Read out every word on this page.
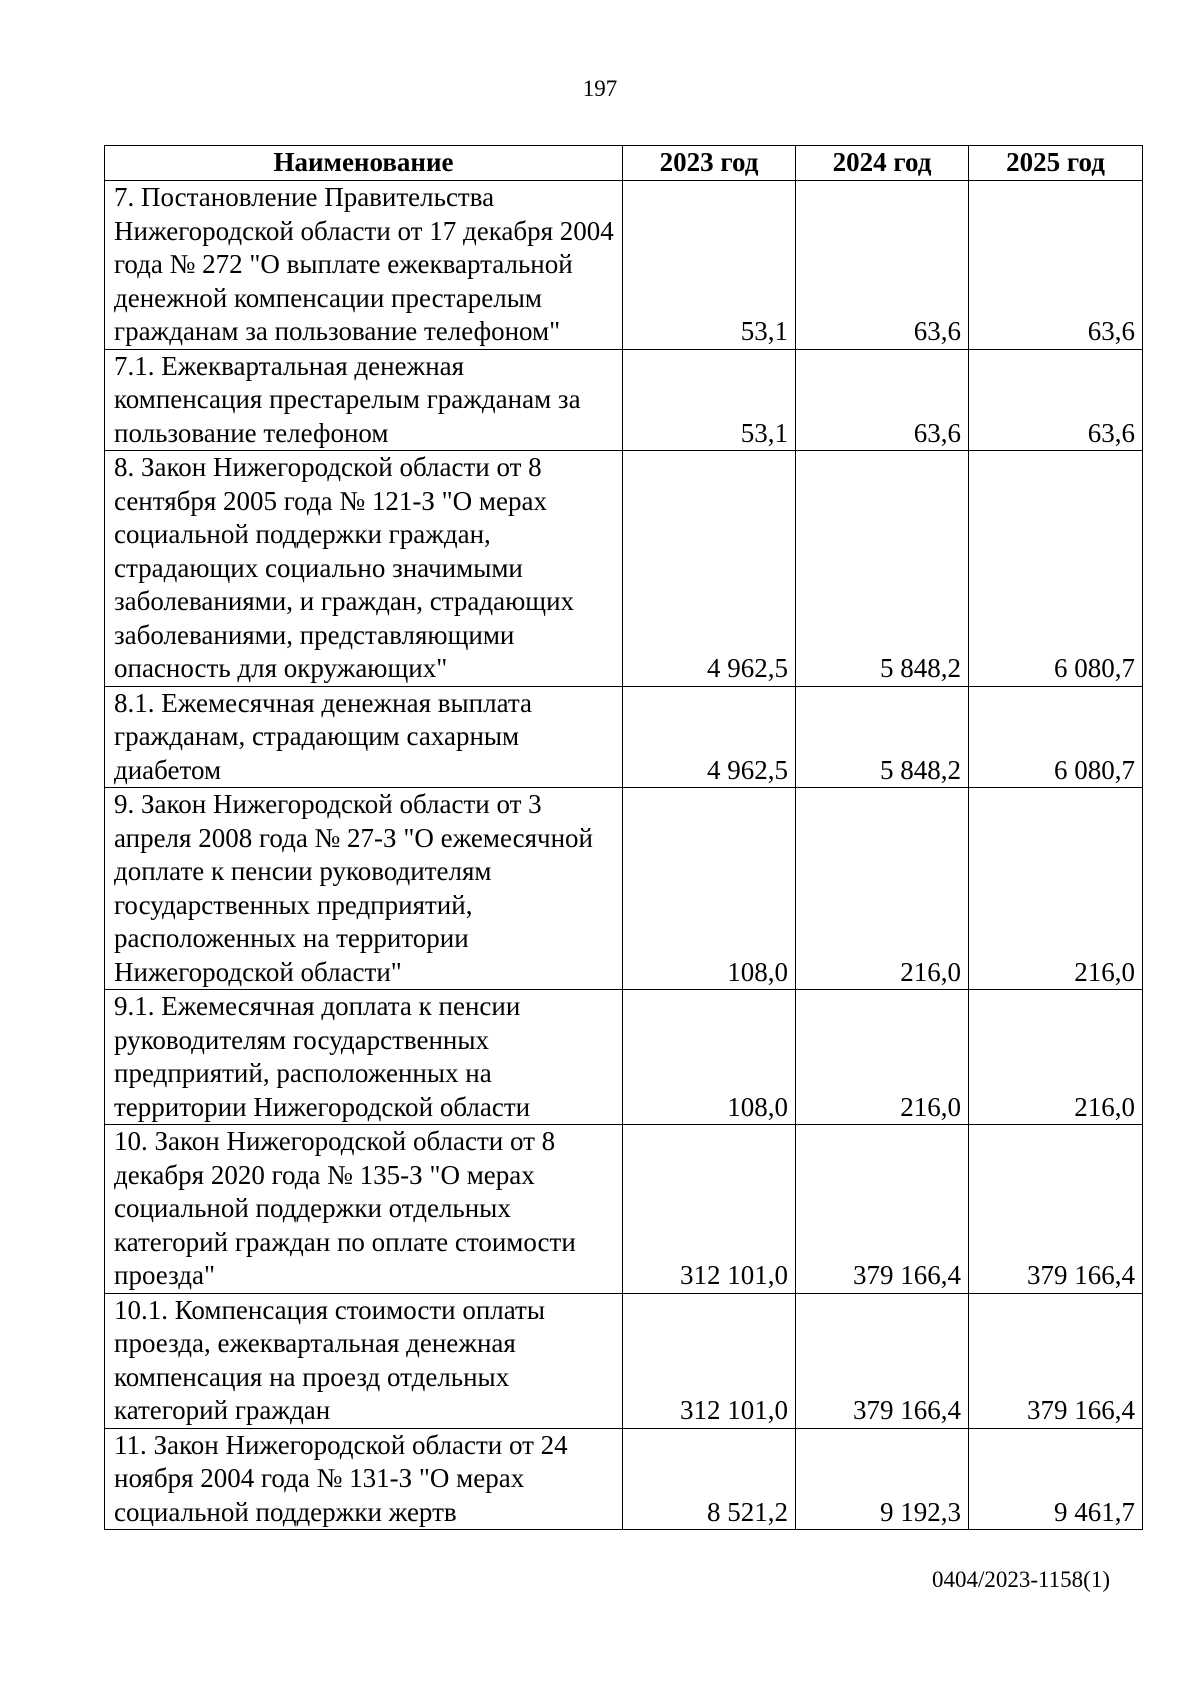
197
Наименование	2023 год	2024 год	2025 год
7. Постановление Правительства Нижегородской области от 17 декабря 2004 года № 272 "О выплате ежеквартальной денежной компенсации престарелым гражданам за пользование телефоном"	53,1	63,6	63,6
7.1. Ежеквартальная денежная компенсация престарелым гражданам за пользование телефоном	53,1	63,6	63,6
8. Закон Нижегородской области от 8 сентября 2005 года № 121-З "О мерах социальной поддержки граждан, страдающих социально значимыми заболеваниями, и граждан, страдающих заболеваниями, представляющими опасность для окружающих"	4 962,5	5 848,2	6 080,7
8.1. Ежемесячная денежная выплата гражданам, страдающим сахарным диабетом	4 962,5	5 848,2	6 080,7
9. Закон Нижегородской области от 3 апреля 2008 года № 27-З "О ежемесячной доплате к пенсии руководителям государственных предприятий, расположенных на территории Нижегородской области"	108,0	216,0	216,0
9.1. Ежемесячная доплата к пенсии руководителям государственных предприятий, расположенных на территории Нижегородской области	108,0	216,0	216,0
10. Закон Нижегородской области от 8 декабря 2020 года № 135-З "О мерах социальной поддержки отдельных категорий граждан по оплате стоимости проезда"	312 101,0	379 166,4	379 166,4
10.1. Компенсация стоимости оплаты проезда, ежеквартальная денежная компенсация на проезд отдельных категорий граждан	312 101,0	379 166,4	379 166,4
11. Закон Нижегородской области от 24 ноября 2004 года № 131-З "О мерах социальной поддержки жертв	8 521,2	9 192,3	9 461,7
0404/2023-1158(1)
